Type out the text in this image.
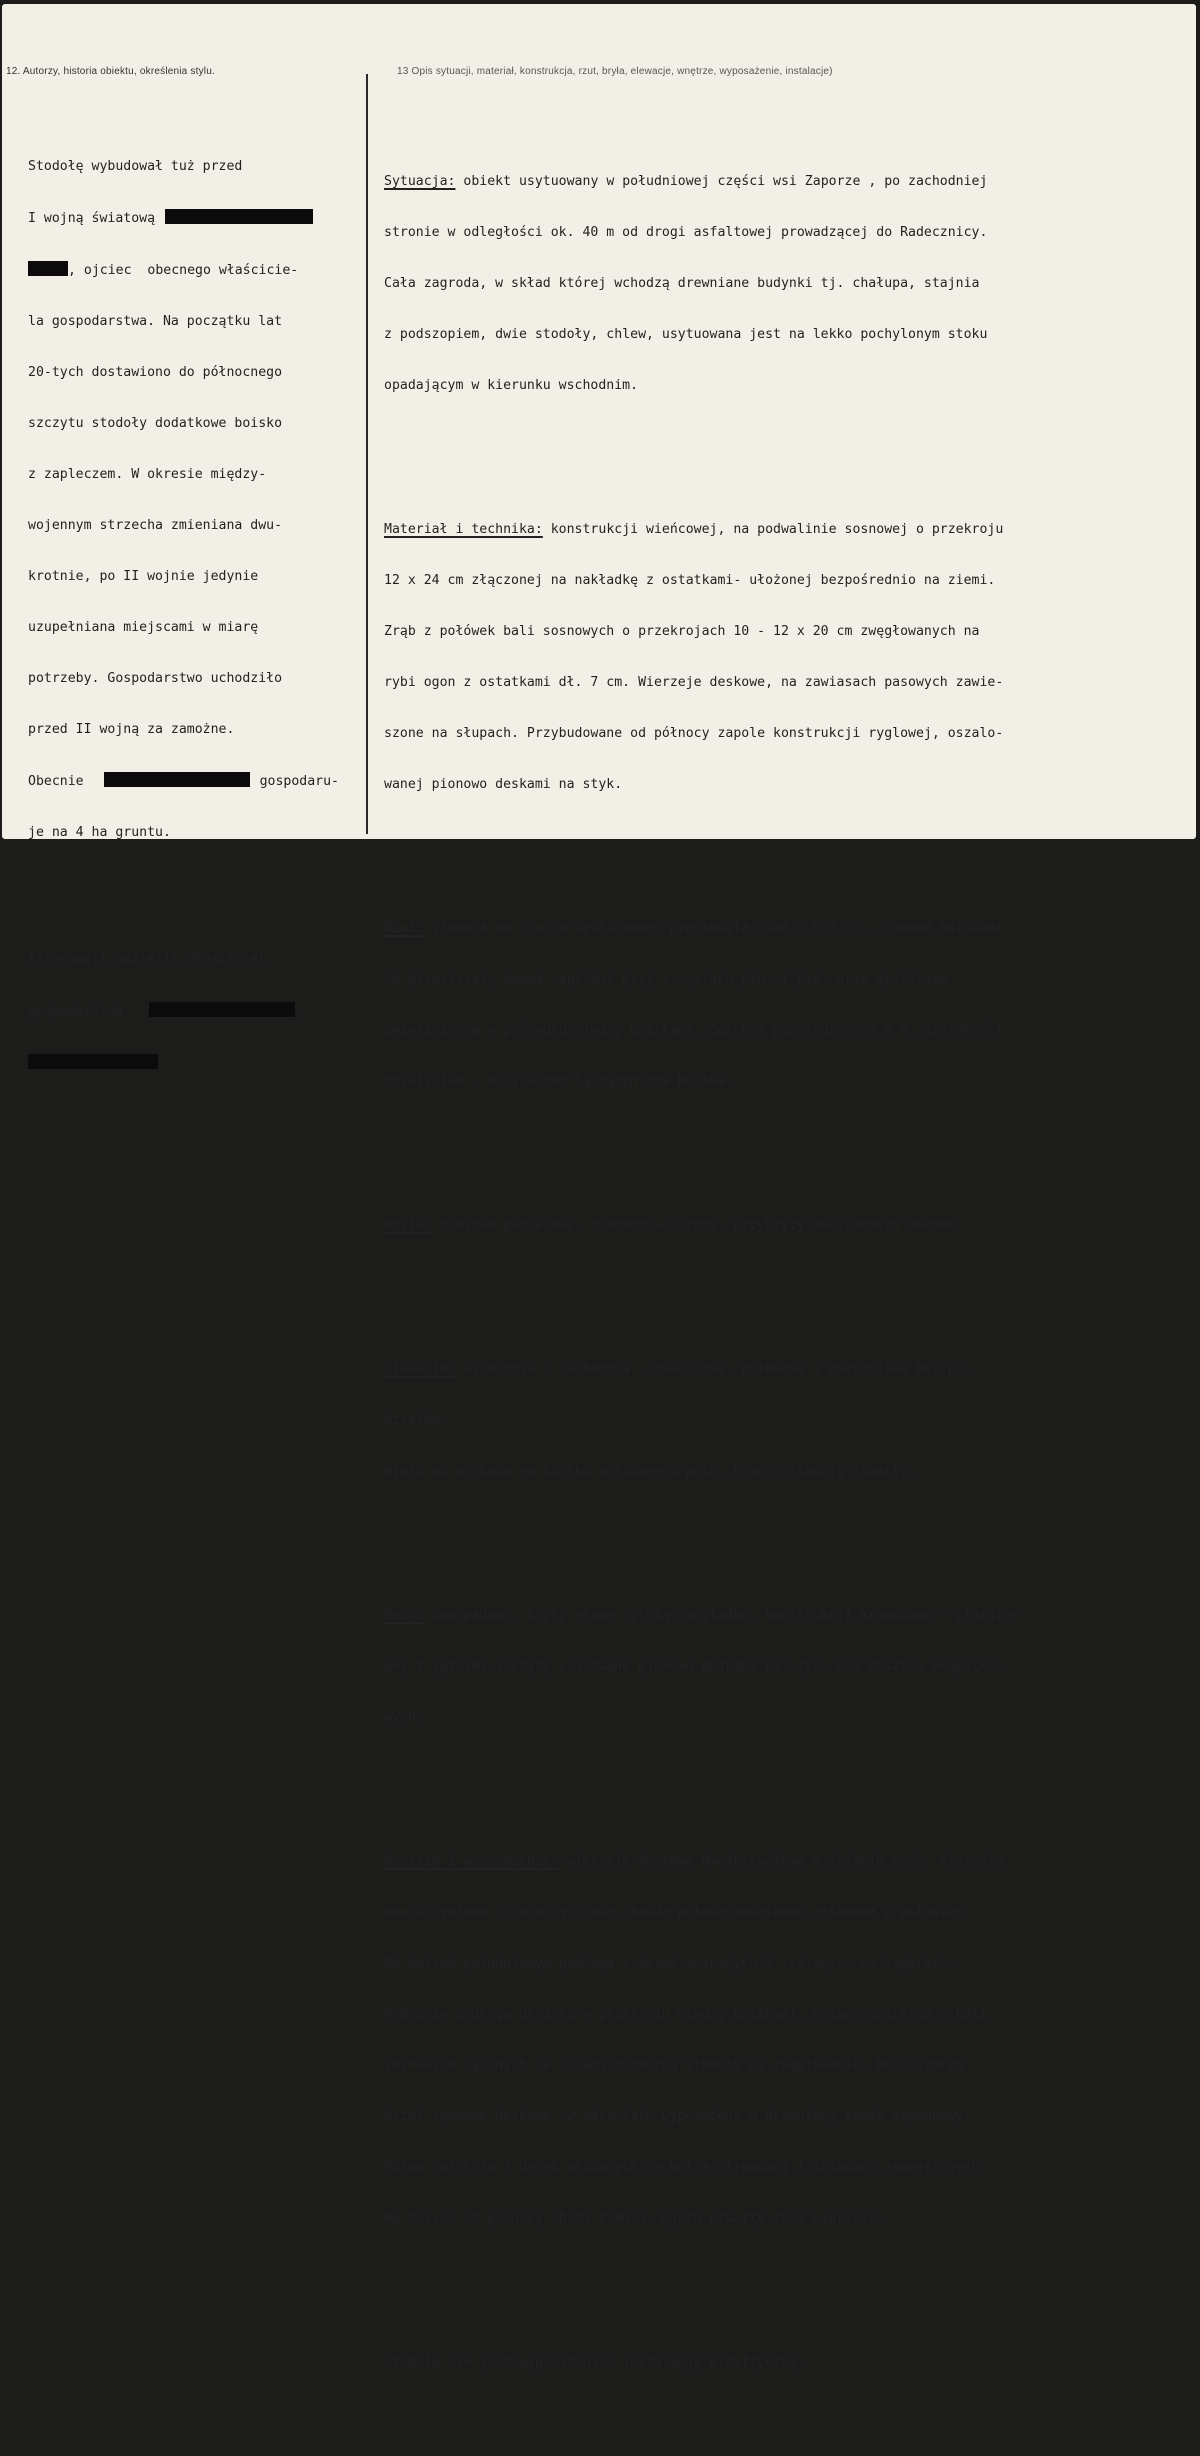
12. Autorzy, historia obiektu, określenia stylu.	13 Opis sytuacji, materiał, konstrukcja, rzut, bryła, elewacje, wnętrze, wyposażenie, instalacje)

Stodołę wybudował tuż przed

I wojną światową

, ojciec  obecnego właścicie-

la gospodarstwa. Na początku lat

20-tych dostawiono do północnego

szczytu stodoły dodatkowe boisko

z zapleczem. W okresie między-

wojennym strzecha zmieniana dwu-

krotnie, po II wojnie jedynie

uzupełniana miejscami w miarę

potrzeby. Gospodarstwo uchodziło

przed II wojną za zamożne.

Obecnie	gospodaru-

je na 4 ha gruntu.

Informacji udzielił właściciel

gospodarstwa	,

Sytuacja: obiekt usytuowany w południowej części wsi Zaporze , po zachodniej

stronie w odległości ok. 40 m od drogi asfaltowej prowadzącej do Radecznicy.

Cała zagroda, w skład której wchodzą drewniane budynki tj. chałupa, stajnia

z podszopiem, dwie stodoły, chlew, usytuowana jest na lekko pochylonym stoku

opadającym w kierunku wschodnim.

Materiał i technika: konstrukcji wieńcowej, na podwalinie sosnowej o przekroju

12 x 24 cm złączonej na nakładkę z ostatkami- ułożonej bezpośrednio na ziemi.

Zrąb z połówek bali sosnowych o przekrojach 10 - 12 x 20 cm zwęgłowanych na

rybi ogon z ostatkami dł. 7 cm. Wierzeje deskowe, na zawiasach pasowych zawie-

szone na słupach. Przybudowane od północy zapole konstrukcji ryglowej, oszalo-

wanej pionowo deskami na styk.

Rzut: stodoła na rzucie wydłużonego prostokąta 2400 x 525 cm, z dwoma boiskami

na przestrzał, dwoma zapolami przy szczytach płn. i płd. oraz spichrzem

umieszczonym w pośrodku między boiskami. Spichrz poprzedzony 2,5 m. szerokości

przejściem - korytarzem łączącym oba boiska.

Bryła: budynek parterowy- niepodpiwniczony, przykryty dwuspadowym dachem.

Elewacje: wschodnia i zachodnia - dwuosiowe, północna i południowa bez po-

działów.

Wjazd od wschodu na boisko położone w półn. krańcu stodoły otwarty.

Dach: dwuspadowy, kryty słomą żytnią na gładko, konstrukcji krokwiowo - płatwio-

wej z jętkami.Szczyty szalowane pionowo deskami na styk, bez daszków okapniko-

wych.

Wnętrze i wyposażenie: wierzeje deskowe dwuskrzydłowe w ścianie wsch. wierzeje

dwuskrzydłowe czteroczęściowe /każda połowa dodatkowo załamana w połowie/.

Na boisku południowym podłoga z desek sosnowych 2 -calowych na legarach.

Podobnie podłoga ułożona w przejściu między boiskami. Ściany spichrza z bali

sosnowych łącznych ze ścianą północną stodoły na zwęgłowanie. Do spichrza

drzwi sponowe deskowe  w odrzwiach wyposażone w drewniany zamek zapadkowy.

Pułap spichrza z desek ułożonych na belce stropowej i ścianach zewnętrznych.

Na boisku od północy ubita ziemia, wjazd otwarty /bez wierzei/.

Stodoła nie jest wyposażona w instalację elektryczną.
